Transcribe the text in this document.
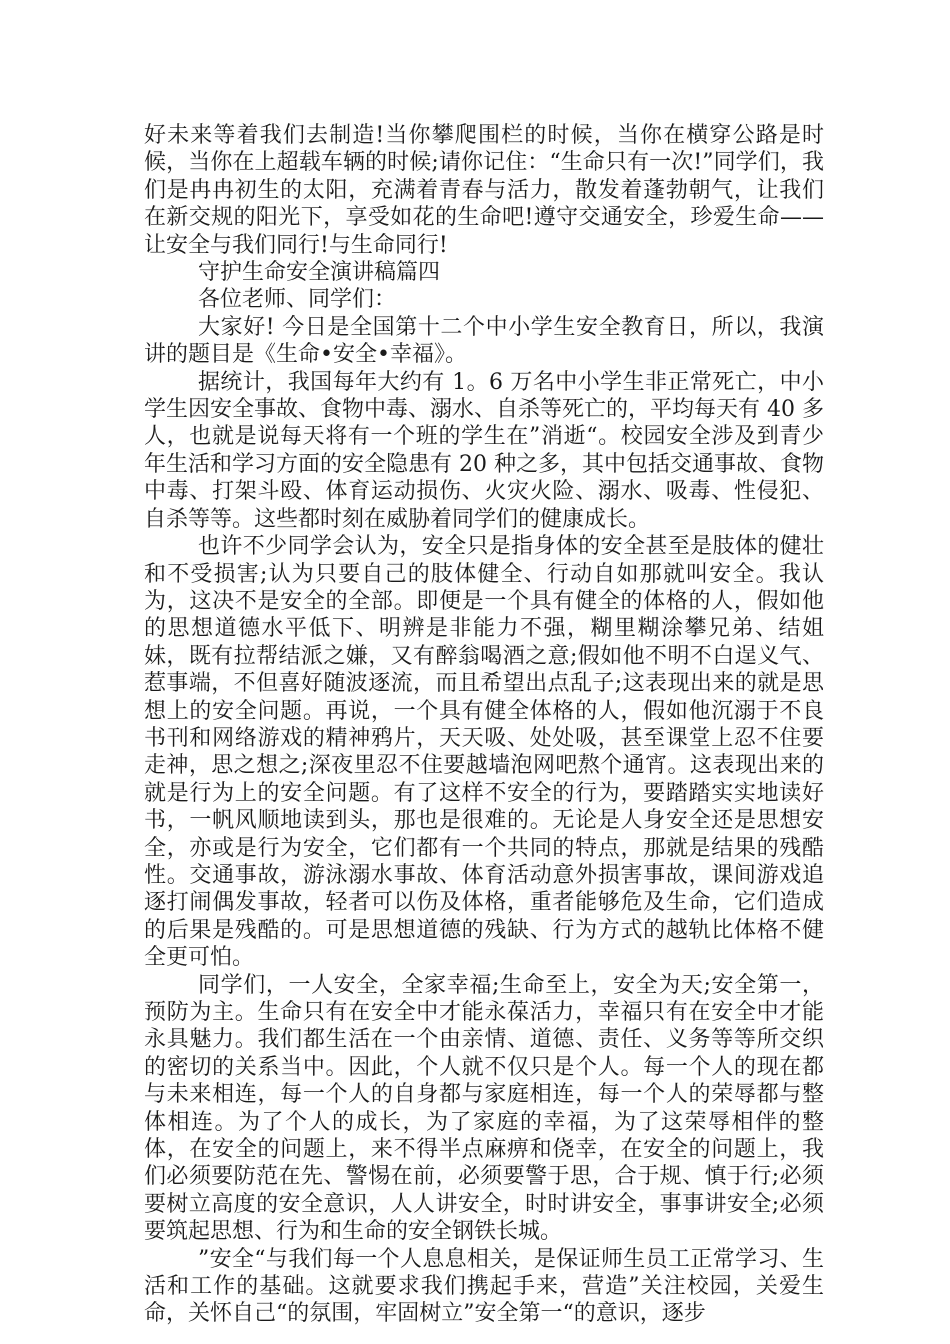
好未来等着我们去制造!当你攀爬围栏的时候，当你在横穿公路是时候，当你在上超载车辆的时候;请你记住：“生命只有一次!”同学们，我们是冉冉初生的太阳，充满着青春与活力，散发着蓬勃朝气，让我们在新交规的阳光下，享受如花的生命吧!遵守交通安全，珍爱生命——让安全与我们同行!与生命同行!

守护生命安全演讲稿篇四

各位老师、同学们：

大家好! 今日是全国第十二个中小学生安全教育日，所以，我演讲的题目是《生命•安全•幸福》。

据统计，我国每年大约有 1。6 万名中小学生非正常死亡，中小学生因安全事故、食物中毒、溺水、自杀等死亡的，平均每天有 40 多人，也就是说每天将有一个班的学生在”消逝“。校园安全涉及到青少年生活和学习方面的安全隐患有 20 种之多，其中包括交通事故、食物中毒、打架斗殴、体育运动损伤、火灾火险、溺水、吸毒、性侵犯、自杀等等。这些都时刻在威胁着同学们的健康成长。

也许不少同学会认为，安全只是指身体的安全甚至是肢体的健壮和不受损害;认为只要自己的肢体健全、行动自如那就叫安全。我认为，这决不是安全的全部。即便是一个具有健全的体格的人，假如他的思想道德水平低下、明辨是非能力不强，糊里糊涂攀兄弟、结姐妹，既有拉帮结派之嫌，又有醉翁喝酒之意;假如他不明不白逞义气、惹事端，不但喜好随波逐流，而且希望出点乱子;这表现出来的就是思想上的安全问题。再说，一个具有健全体格的人，假如他沉溺于不良书刊和网络游戏的精神鸦片，天天吸、处处吸，甚至课堂上忍不住要走神，思之想之;深夜里忍不住要越墙泡网吧熬个通宵。这表现出来的就是行为上的安全问题。有了这样不安全的行为，要踏踏实实地读好书，一帆风顺地读到头，那也是很难的。无论是人身安全还是思想安全，亦或是行为安全，它们都有一个共同的特点，那就是结果的残酷性。交通事故，游泳溺水事故、体育活动意外损害事故，课间游戏追逐打闹偶发事故，轻者可以伤及体格，重者能够危及生命，它们造成的后果是残酷的。可是思想道德的残缺、行为方式的越轨比体格不健全更可怕。

同学们，一人安全，全家幸福;生命至上，安全为天;安全第一，预防为主。生命只有在安全中才能永葆活力，幸福只有在安全中才能永具魅力。我们都生活在一个由亲情、道德、责任、义务等等所交织的密切的关系当中。因此，个人就不仅只是个人。每一个人的现在都与未来相连，每一个人的自身都与家庭相连，每一个人的荣辱都与整体相连。为了个人的成长，为了家庭的幸福，为了这荣辱相伴的整体，在安全的问题上，来不得半点麻痹和侥幸，在安全的问题上，我们必须要防范在先、警惕在前，必须要警于思，合于规、慎于行;必须要树立高度的安全意识，人人讲安全，时时讲安全，事事讲安全;必须要筑起思想、行为和生命的安全钢铁长城。

”安全“与我们每一个人息息相关，是保证师生员工正常学习、生活和工作的基础。这就要求我们携起手来，营造”关注校园，关爱生命，关怀自己“的氛围，牢固树立”安全第一“的意识，逐步
